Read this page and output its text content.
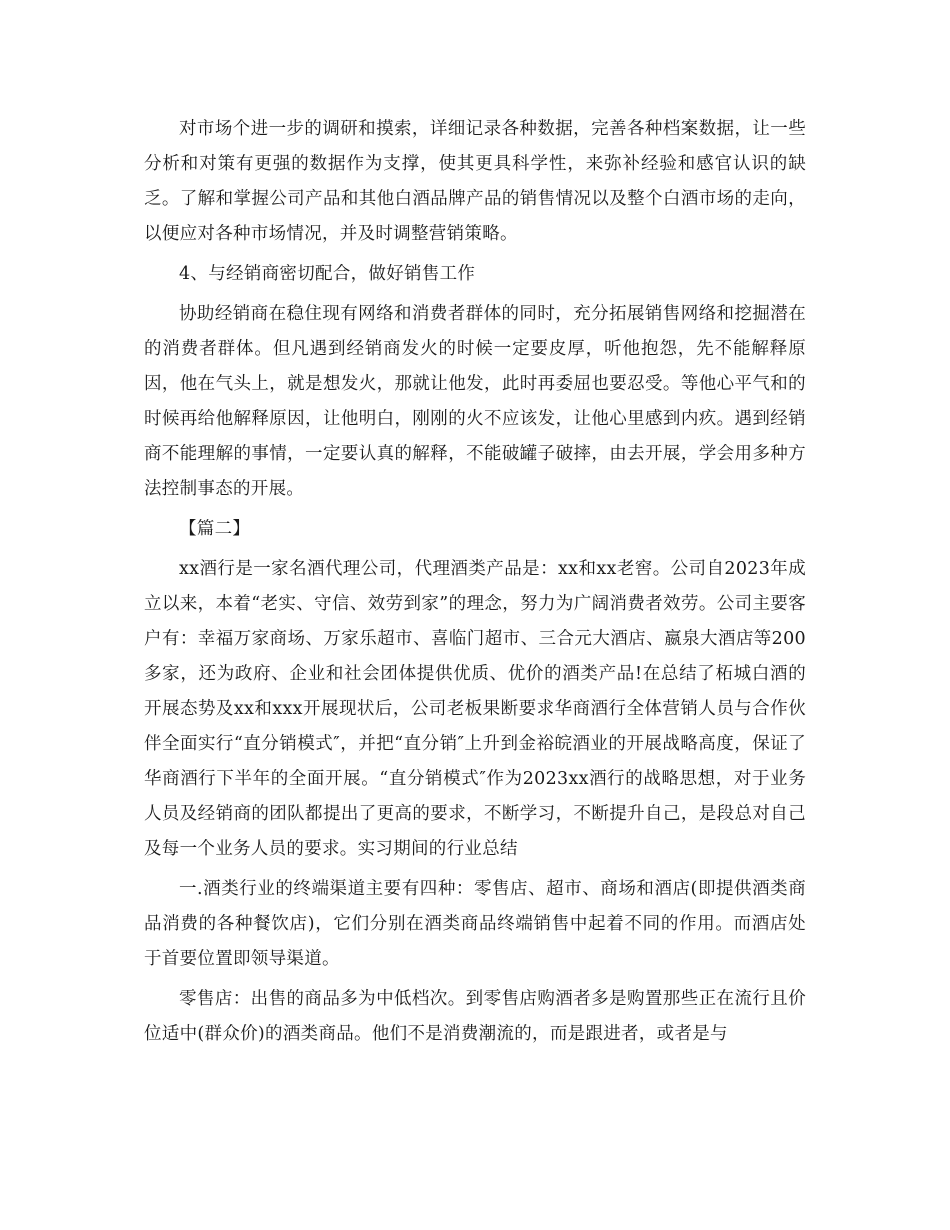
对市场个进一步的调研和摸索，详细记录各种数据，完善各种档案数据，让一些分析和对策有更强的数据作为支撑，使其更具科学性，来弥补经验和感官认识的缺乏。了解和掌握公司产品和其他白酒品牌产品的销售情况以及整个白酒市场的走向，以便应对各种市场情况，并及时调整营销策略。

4、与经销商密切配合，做好销售工作

协助经销商在稳住现有网络和消费者群体的同时，充分拓展销售网络和挖掘潜在的消费者群体。但凡遇到经销商发火的时候一定要皮厚，听他抱怨，先不能解释原因，他在气头上，就是想发火，那就让他发，此时再委屈也要忍受。等他心平气和的时候再给他解释原因，让他明白，刚刚的火不应该发，让他心里感到内疚。遇到经销商不能理解的事情，一定要认真的解释，不能破罐子破摔，由去开展，学会用多种方法控制事态的开展。

【篇二】

xx酒行是一家名酒代理公司，代理酒类产品是：xx和xx老窖。公司自2023年成立以来，本着“老实、守信、效劳到家”的理念，努力为广阔消费者效劳。公司主要客户有：幸福万家商场、万家乐超市、喜临门超市、三合元大酒店、嬴泉大酒店等200多家，还为政府、企业和社会团体提供优质、优价的酒类产品!在总结了柘城白酒的开展态势及xx和xxx开展现状后，公司老板果断要求华商酒行全体营销人员与合作伙伴全面实行“直分销模式″，并把“直分销″上升到金裕皖酒业的开展战略高度，保证了华商酒行下半年的全面开展。“直分销模式″作为2023xx酒行的战略思想，对于业务人员及经销商的团队都提出了更高的要求，不断学习，不断提升自己，是段总对自己及每一个业务人员的要求。实习期间的行业总结

一.酒类行业的终端渠道主要有四种：零售店、超市、商场和酒店(即提供酒类商品消费的各种餐饮店)，它们分别在酒类商品终端销售中起着不同的作用。而酒店处于首要位置即领导渠道。

零售店：出售的商品多为中低档次。到零售店购酒者多是购置那些正在流行且价位适中(群众价)的酒类商品。他们不是消费潮流的，而是跟进者，或者是与
